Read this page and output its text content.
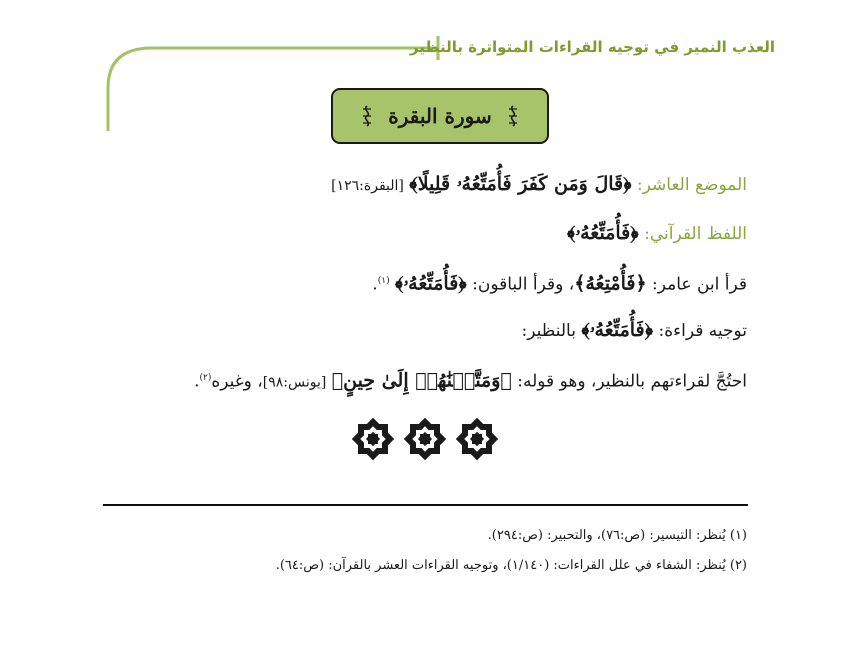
العذب النمير في توجيه القراءات المتواترة بالنظير
سورة البقرة
الموضع العاشر: ﴿قَالَ وَمَن كَفَرَ فَأُمَتِّعُهُۥ قَلِيلًا﴾ [البقرة:١٢٦]
اللفظ القرآني: ﴿فَأُمَتِّعُهُۥ﴾
قرأ ابن عامر: ﴿فَأُمْتِعُهُ﴾، وقرأ الباقون: ﴿فَأُمَتِّعُهُۥ﴾ $^{(١)}$.
توجيه قراءة: ﴿فَأُمَتِّعُهُۥ﴾ بالنظير:
احتُجَّ لقراءتهم بالنظير، وهو قوله: ﴿وَمَتَّعۡنَٰهُمۡ إِلَىٰ حِينٍ﴾ [يونس:٩٨]، وغيره$^{(٢)}$.
(١) يُنظر: التيسير: (ص:٧٦)، والتحبير: (ص:٢٩٤).
(٢) يُنظر: الشفاء في علل القراءات: (١/١٤٠)، وتوجيه القراءات العشر بالقرآن: (ص:٦٤).
